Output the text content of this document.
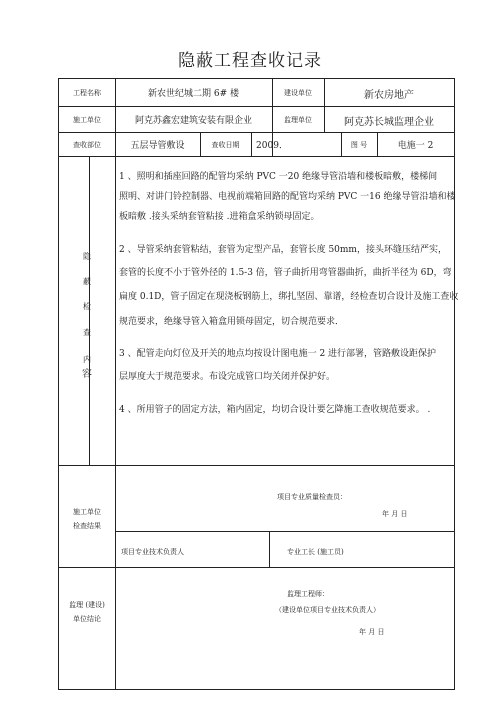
隐蔽工程查收记录
工程名称	新农世纪城二期 6# 楼	建设单位	新农房地产
施工单位	阿克苏鑫宏建筑安装有限企业	监理单位	阿克苏长城监理企业
查收部位	五层导管敷设	查收日期	2009．	图 号	电施一 2
隐
蔽
检
查
内
容
1 、照明和插座回路的配管均采纳 PVC 一20 绝缘导管沿墙和楼板暗敷，楼梯间
照明、对讲门铃控制器、电视前端箱回路的配管均采纳 PVC 一16 绝缘导管沿墙和楼
板暗敷 .接头采纳套管粘接 .进箱盒采纳锁母固定。
2 、导管采纳套管粘结，套管为定型产品，套管长度 50mm，接头环缝压结严实，
套管的长度不小于管外径的 1.5-3 倍，管子曲折用弯管器曲折，曲折半径为 6D，弯
扁度 0.1D，管子固定在现浇板钢筋上，绑扎坚固、靠谱，经检查切合设计及施工查收
规范要求，绝缘导管入箱盒用锁母固定，切合规范要求．
3 、配管走向灯位及开关的地点均按设计图电施一 2 进行部署，管路敷设距保护
层厚度大于规范要求。布设完成管口均关闭并保护好。
4 、所用管子的固定方法，箱内固定，均切合设计要乞降施工查收规范要求。 .
施工单位
检查结果
项目专业质量检查员：
年 月 日
项目专业技术负责人	专业工长 (施工员)
监理 (建设)
单位结论
监理工程师：
（建设单位项目专业技术负责人）
年 月 日
